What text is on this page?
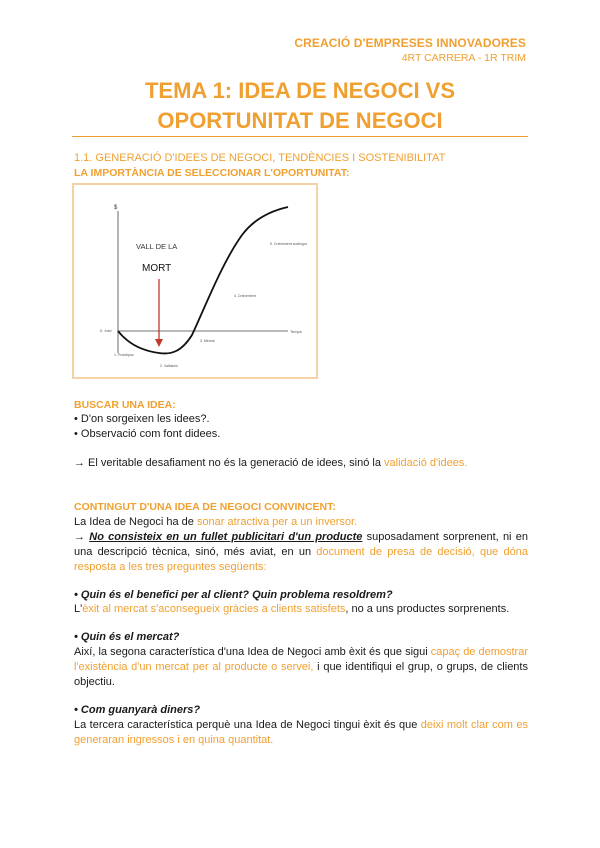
CREACIÓ D'EMPRESES INNOVADORES
4RT CARRERA - 1R TRIM
TEMA 1: IDEA DE NEGOCI VS
OPORTUNITAT DE NEGOCI
1.1. GENERACIÓ D'IDEES DE NEGOCI, TENDÈNCIES I SOSTENIBILITAT
LA IMPORTÀNCIA DE SELECCIONAR L'OPORTUNITAT:
$
Temps
0. Inici
VALL DE LA
MORT
1. Prototipus
2. Validació
3. Mercat
4. Creixement
5. Creixement sostingut
BUSCAR UNA IDEA:
• D'on sorgeixen les idees?.
• Observació com font didees.
→ El veritable desafiament no és la generació de idees, sinó la validació d'idees.
CONTINGUT D'UNA IDEA DE NEGOCI CONVINCENT:
La Idea de Negoci ha de sonar atractiva per a un inversor.
→ No consisteix en un fullet publicitari d'un producte suposadament sorprenent, ni en una descripció tècnica, sinó, més aviat, en un document de presa de decisió, que dóna resposta a les tres preguntes següents:
• Quin és el benefici per al client? Quin problema resoldrem?
L'èxit al mercat s'aconsegueix gràcies a clients satisfets, no a uns productes sorprenents.
• Quin és el mercat?
Així, la segona característica d'una Idea de Negoci amb èxit és que sigui capaç de demostrar l'existència d'un mercat per al producte o servei, i que identifiqui el grup, o grups, de clients objectiu.
• Com guanyarà diners?
La tercera característica perquè una Idea de Negoci tingui èxit és que deixi molt clar com es generaran ingressos i en quina quantitat.
